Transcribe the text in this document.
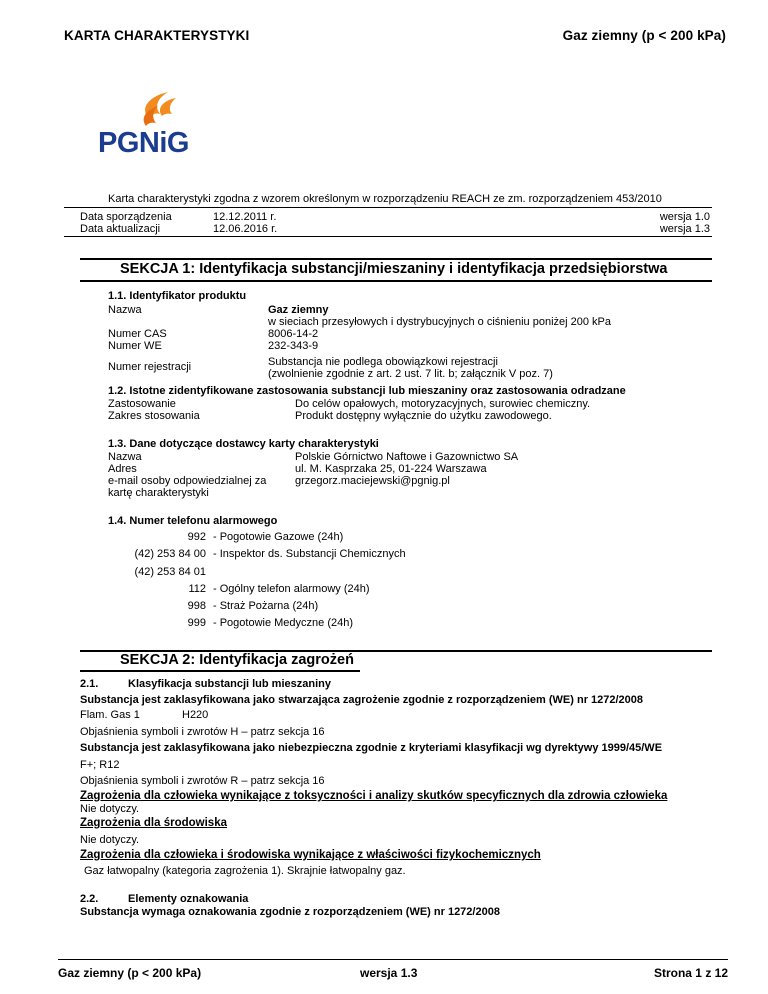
KARTA CHARAKTERYSTYKI	Gaz ziemny (p < 200 kPa)
PGNiG
Karta charakterystyki zgodna z wzorem określonym w rozporządzeniu REACH ze zm. rozporządzeniem 453/2010
Data sporządzenia	12.12.2011 r.	wersja 1.0
Data aktualizacji	12.06.2016 r.	wersja 1.3
SEKCJA 1: Identyfikacja substancji/mieszaniny i identyfikacja przedsiębiorstwa
1.1. Identyfikator produktu
Nazwa	Gaz ziemny
w sieciach przesyłowych i dystrybucyjnych o ciśnieniu poniżej 200 kPa
Numer CAS	8006-14-2
Numer WE	232-343-9
Numer rejestracji	Substancja nie podlega obowiązkowi rejestracji
(zwolnienie zgodnie z art. 2 ust. 7 lit. b; załącznik V poz. 7)
1.2. Istotne zidentyfikowane zastosowania substancji lub mieszaniny oraz zastosowania odradzane
Zastosowanie	Do celów opałowych, motoryzacyjnych, surowiec chemiczny.
Zakres stosowania	Produkt dostępny wyłącznie do użytku zawodowego.
1.3. Dane dotyczące dostawcy karty charakterystyki
Nazwa	Polskie Górnictwo Naftowe i Gazownictwo SA
Adres	ul. M. Kasprzaka 25, 01-224 Warszawa
e-mail osoby odpowiedzialnej za	grzegorz.maciejewski@pgnig.pl
kartę charakterystyki
1.4. Numer telefonu alarmowego
992 - Pogotowie Gazowe (24h)
(42) 253 84 00 - Inspektor ds. Substancji Chemicznych
(42) 253 84 01
112 - Ogólny telefon alarmowy (24h)
998 - Straż Pożarna (24h)
999 - Pogotowie Medyczne (24h)
SEKCJA 2: Identyfikacja zagrożeń
2.1.	Klasyfikacja substancji lub mieszaniny
Substancja jest zaklasyfikowana jako stwarzająca zagrożenie zgodnie z rozporządzeniem (WE) nr 1272/2008
Flam. Gas 1	H220
Objaśnienia symboli i zwrotów H – patrz sekcja 16
Substancja jest zaklasyfikowana jako niebezpieczna zgodnie z kryteriami klasyfikacji wg dyrektywy 1999/45/WE
F+; R12
Objaśnienia symboli i zwrotów R – patrz sekcja 16
Zagrożenia dla człowieka wynikające z toksyczności i analizy skutków specyficznych dla zdrowia człowieka
Nie dotyczy.
Zagrożenia dla środowiska
Nie dotyczy.
Zagrożenia dla człowieka i środowiska wynikające z właściwości fizykochemicznych
Gaz łatwopalny (kategoria zagrożenia 1). Skrajnie łatwopalny gaz.
2.2.	Elementy oznakowania
Substancja wymaga oznakowania zgodnie z rozporządzeniem (WE) nr 1272/2008
Gaz ziemny (p < 200 kPa)	wersja 1.3	Strona 1 z 12
